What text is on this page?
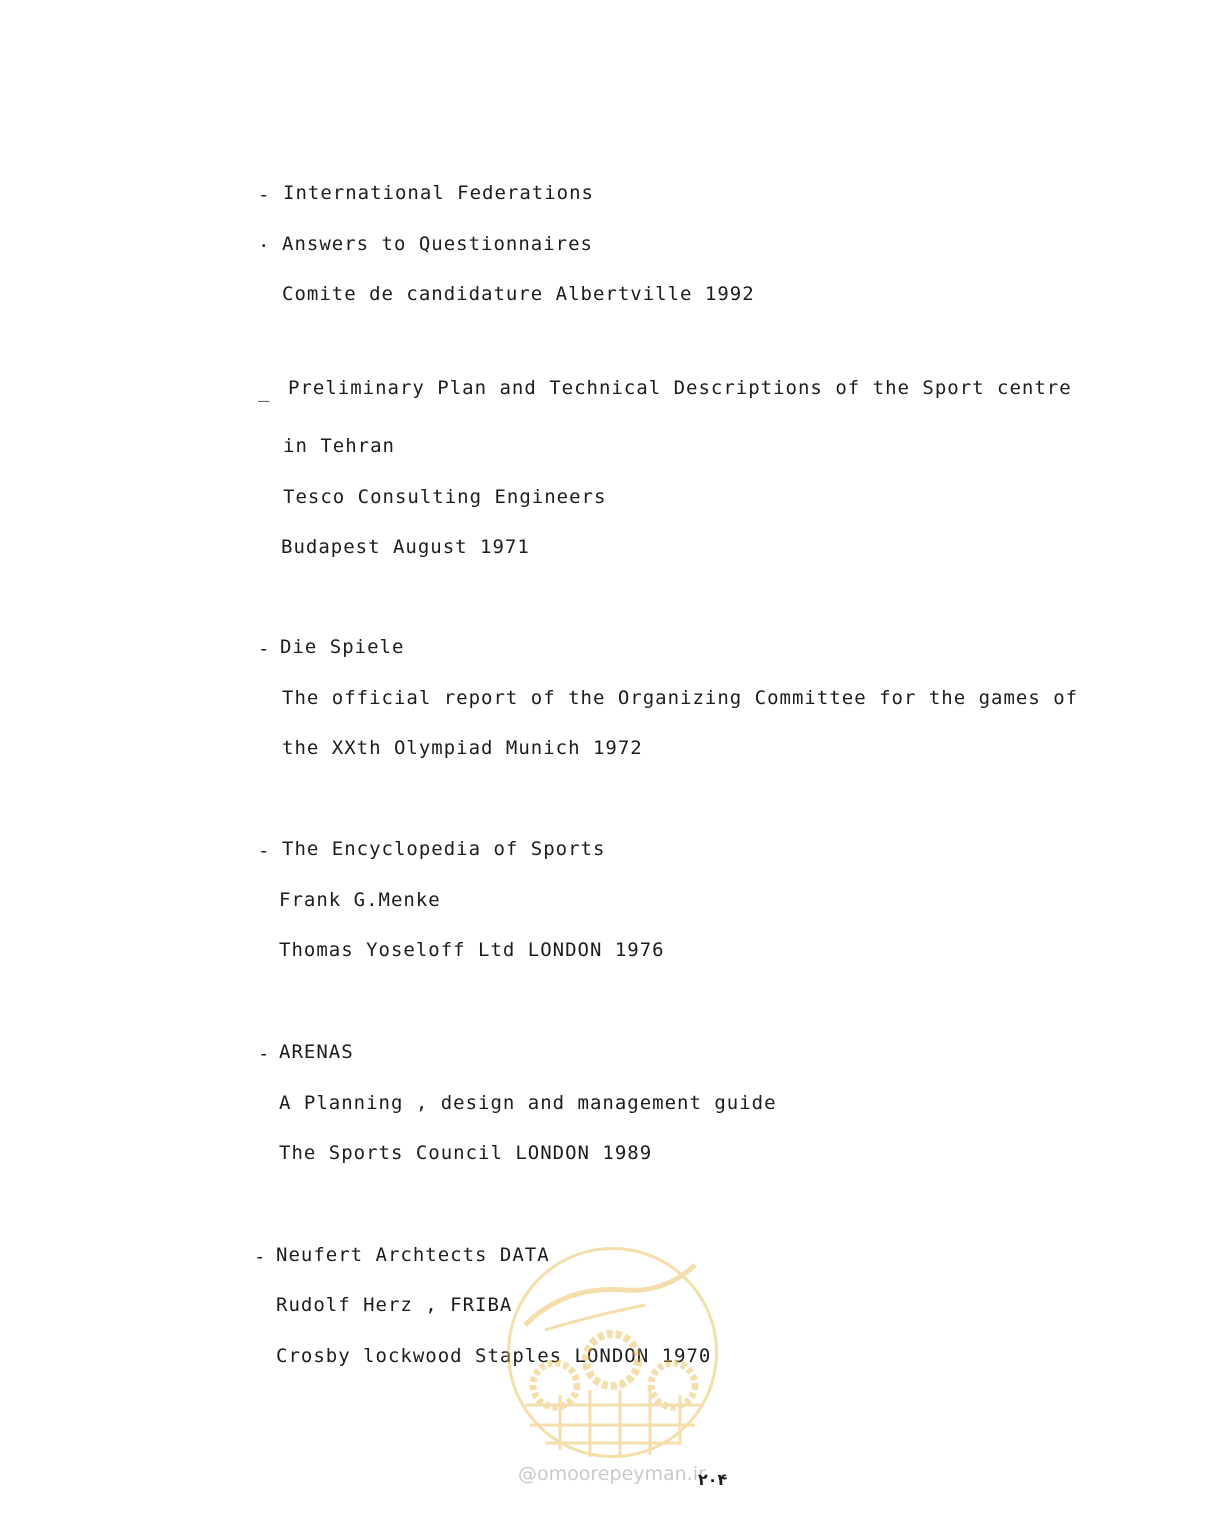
- International Federations
· Answers to Questionnaires
Comite de candidature Albertville 1992
_ Preliminary Plan and Technical Descriptions of the Sport centre
in Tehran
Tesco Consulting Engineers
Budapest August 1971
- Die Spiele
The official report of the Organizing Committee for the games of
the XXth Olympiad Munich 1972
- The Encyclopedia of Sports
Frank G.Menke
Thomas Yoseloff Ltd LONDON 1976
- ARENAS
A Planning , design and management guide
The Sports Council LONDON 1989
- Neufert Archtects DATA
Rudolf Herz , FRIBA
Crosby lockwood Staples LONDON 1970
@omoorepeyman.ir
۲۰۴
